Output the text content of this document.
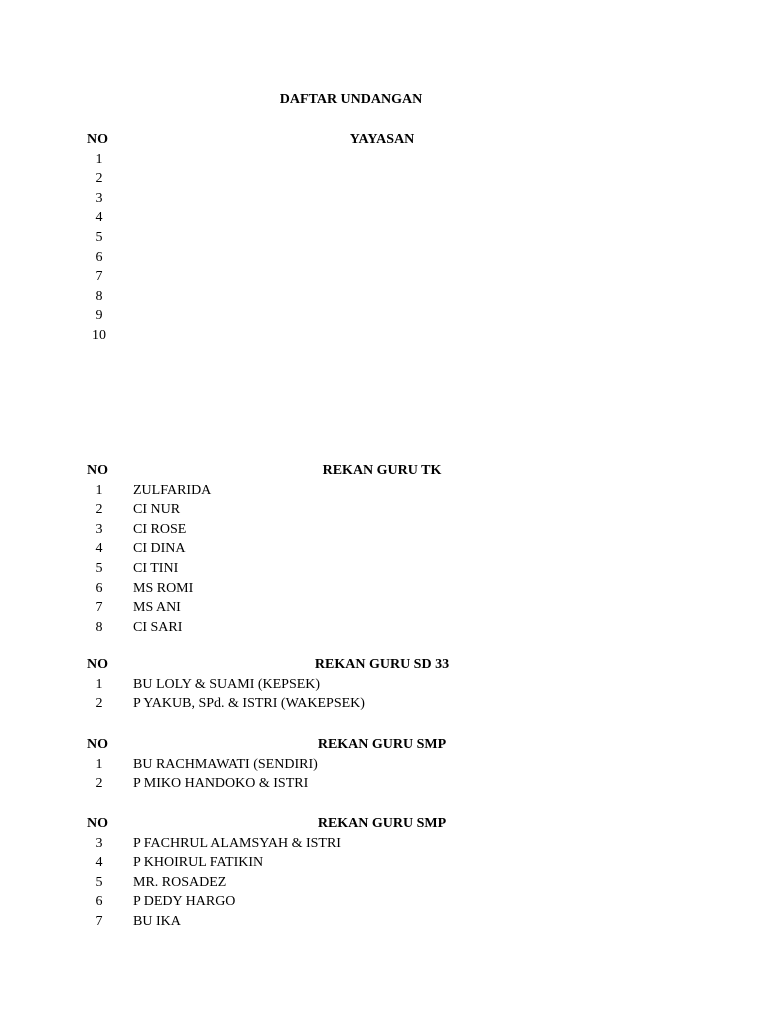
DAFTAR UNDANGAN
NO	YAYASAN
1
2
3
4
5
6
7
8
9
10
NO	REKAN GURU TK
1	ZULFARIDA
2	CI NUR
3	CI ROSE
4	CI DINA
5	CI TINI
6	MS ROMI
7	MS ANI
8	CI SARI
NO	REKAN GURU SD 33
1	BU LOLY & SUAMI (KEPSEK)
2	P YAKUB, SPd. & ISTRI (WAKEPSEK)
NO	REKAN GURU SMP
1	BU RACHMAWATI (SENDIRI)
2	P MIKO HANDOKO & ISTRI
NO	REKAN GURU SMP
3	P FACHRUL ALAMSYAH & ISTRI
4	P KHOIRUL FATIKIN
5	MR. ROSADEZ
6	P DEDY HARGO
7	BU IKA
